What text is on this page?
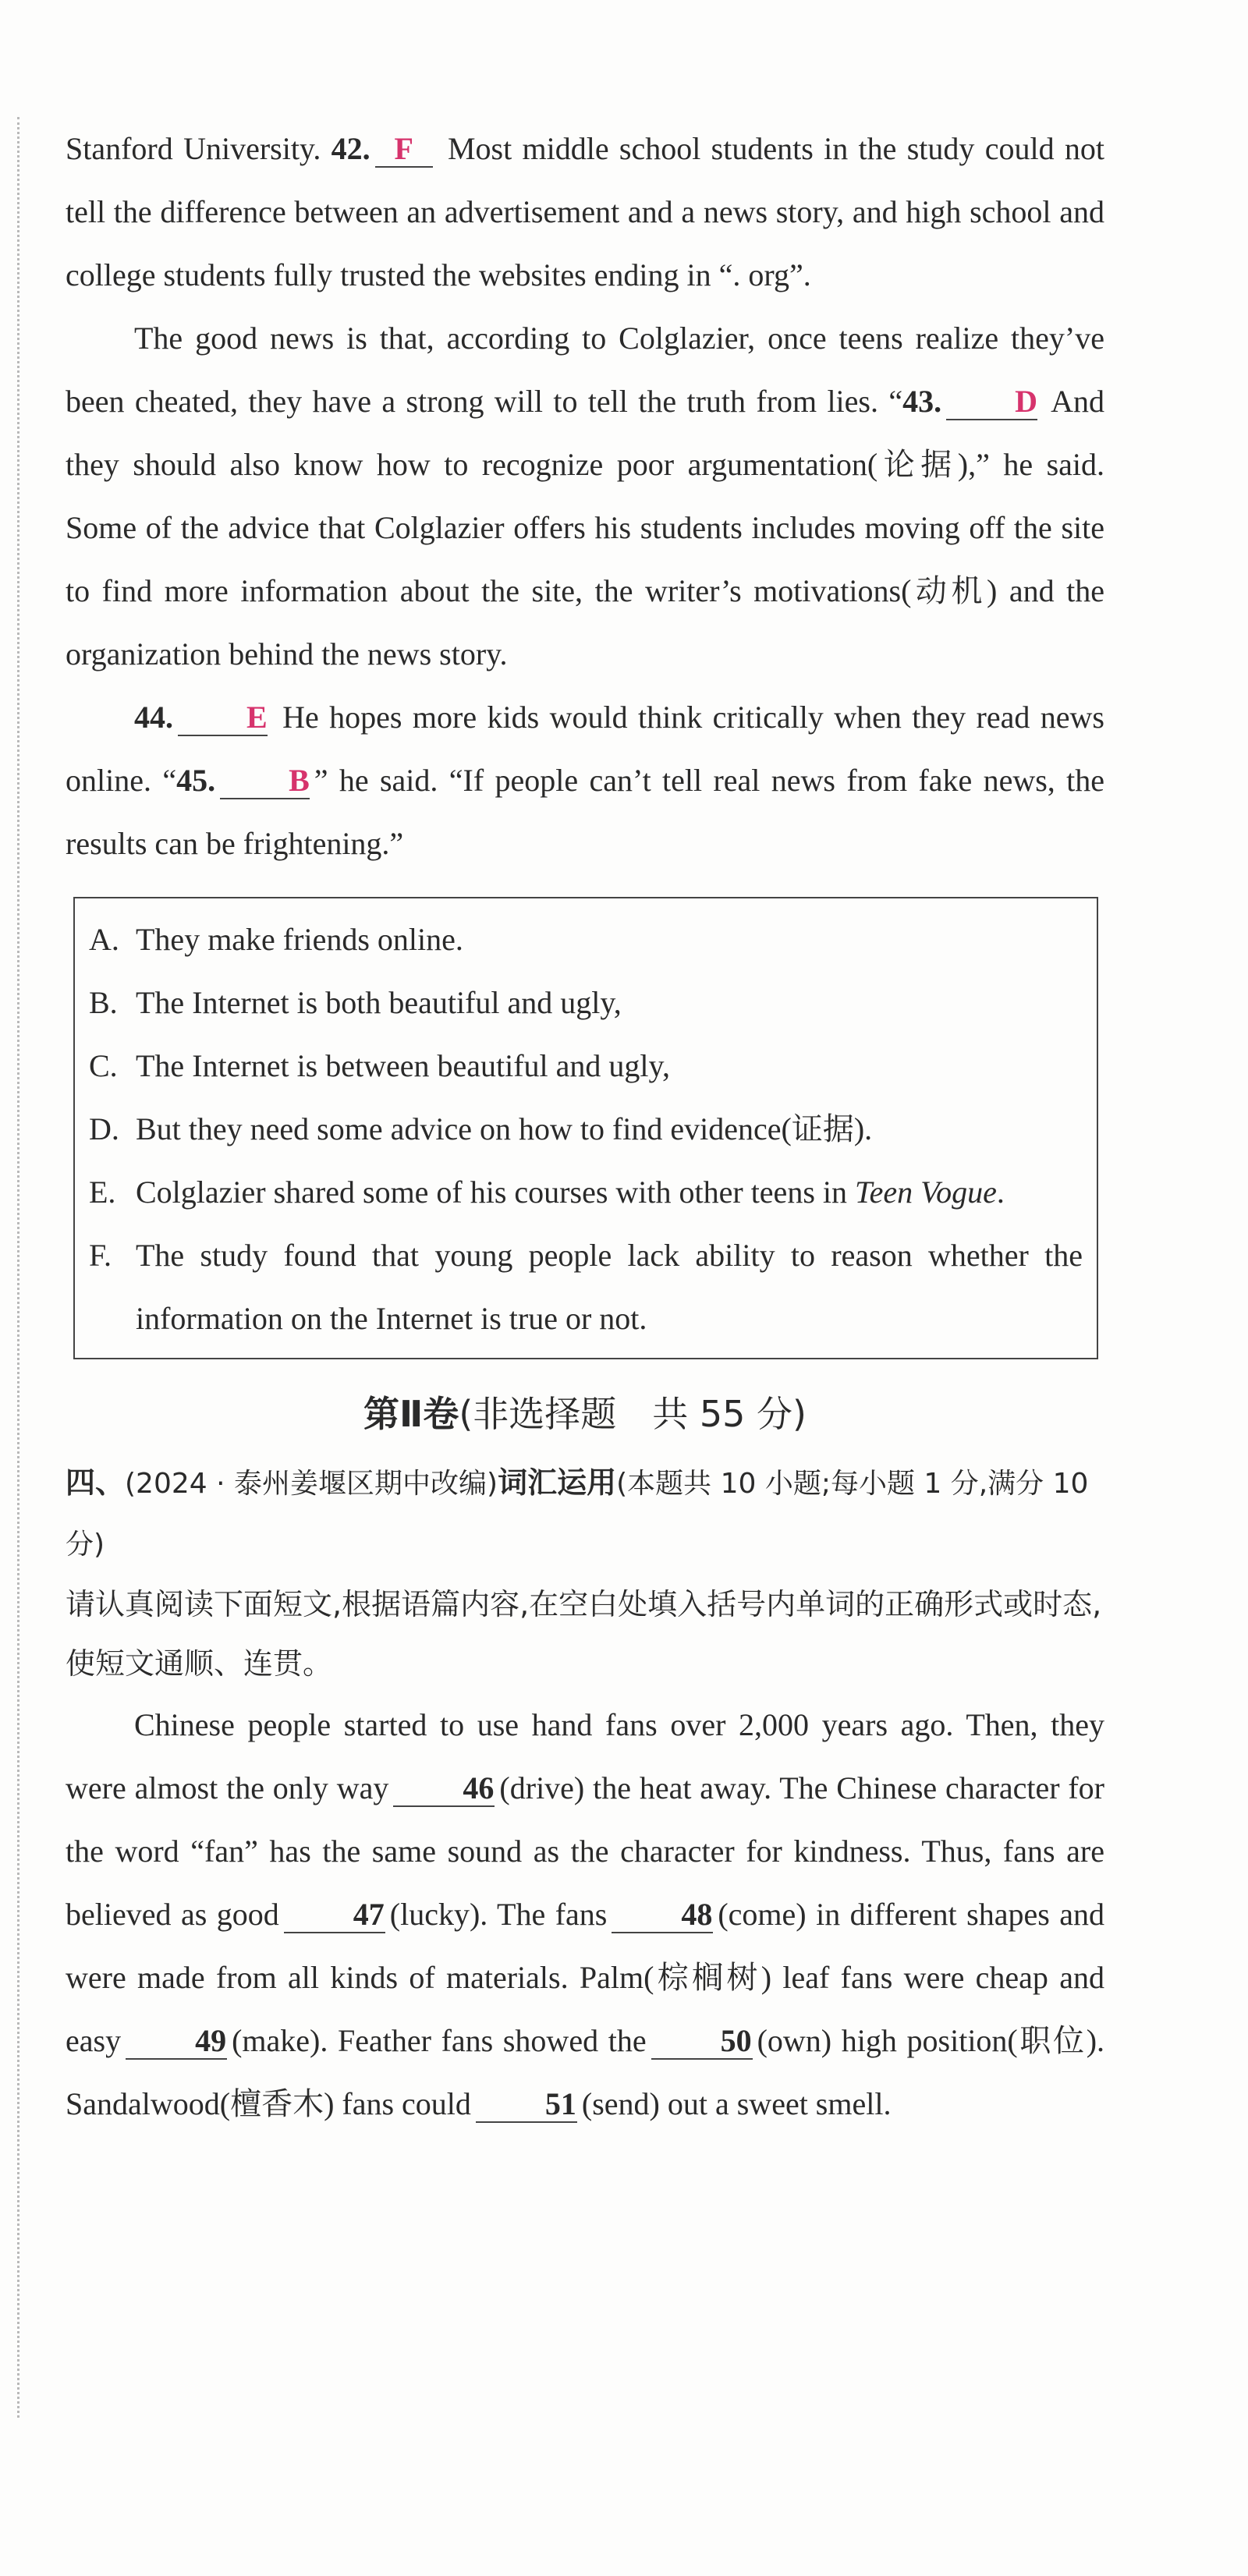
Stanford University. 42. F Most middle school students in the study could not tell the difference between an advertisement and a news story, and high school and college students fully trusted the websites ending in “. org”.

The good news is that, according to Colglazier, once teens realize they’ve been cheated, they have a strong will to tell the truth from lies. “43. D And they should also know how to recognize poor argumentation(论据),” he said. Some of the advice that Colglazier offers his students includes moving off the site to find more information about the site, the writer’s motivations(动机) and the organization behind the news story.

44. E He hopes more kids would think critically when they read news online. “45. B ” he said. “If people can’t tell real news from fake news, the results can be frightening.”

A. They make friends online.

B. The Internet is both beautiful and ugly,

C. The Internet is between beautiful and ugly,

D. But they need some advice on how to find evidence(证据).

E. Colglazier shared some of his courses with other teens in Teen Vogue.

F. The study found that young people lack ability to reason whether the information on the Internet is true or not.

第Ⅱ卷(非选择题　共 55 分)

四、(2024 · 泰州姜堰区期中改编)词汇运用(本题共 10 小题;每小题 1 分,满分 10 分)

请认真阅读下面短文,根据语篇内容,在空白处填入括号内单词的正确形式或时态,使短文通顺、连贯。

Chinese people started to use hand fans over 2,000 years ago. Then, they were almost the only way 46 (drive) the heat away. The Chinese character for the word “fan” has the same sound as the character for kindness. Thus, fans are believed as good 47 (lucky). The fans 48 (come) in different shapes and were made from all kinds of materials. Palm(棕榈树) leaf fans were cheap and easy 49 (make). Feather fans showed the 50 (own) high position(职位). Sandalwood(檀香木) fans could 51 (send) out a sweet smell.
